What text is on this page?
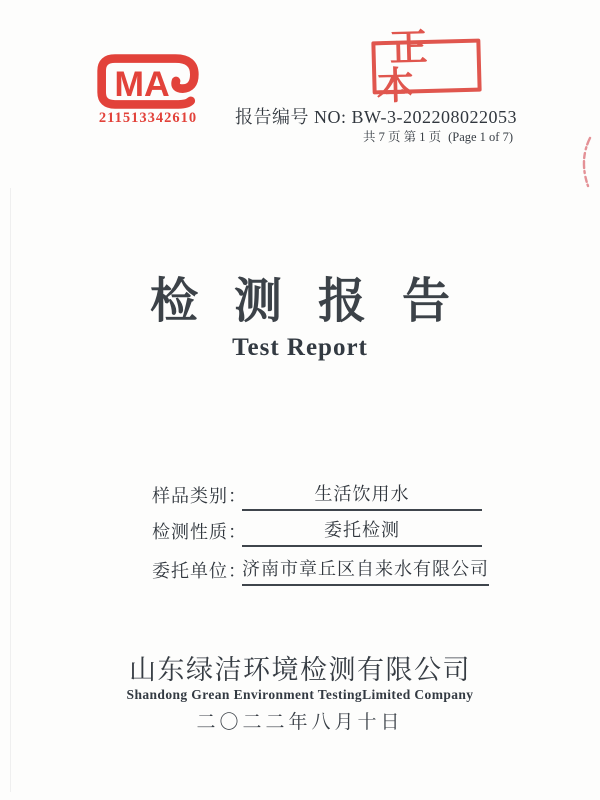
MA
211513342610
正本
报告编号 NO: BW-3-202208022053
共 7 页 第 1 页 (Page 1 of 7)
检 测 报 告
Test Report
样品类别：	生活饮用水
检测性质：	委托检测
委托单位：
济南市章丘区自来水有限公司
山东绿洁环境检测有限公司
Shandong Grean Environment TestingLimited Company
二〇二二年八月十日
